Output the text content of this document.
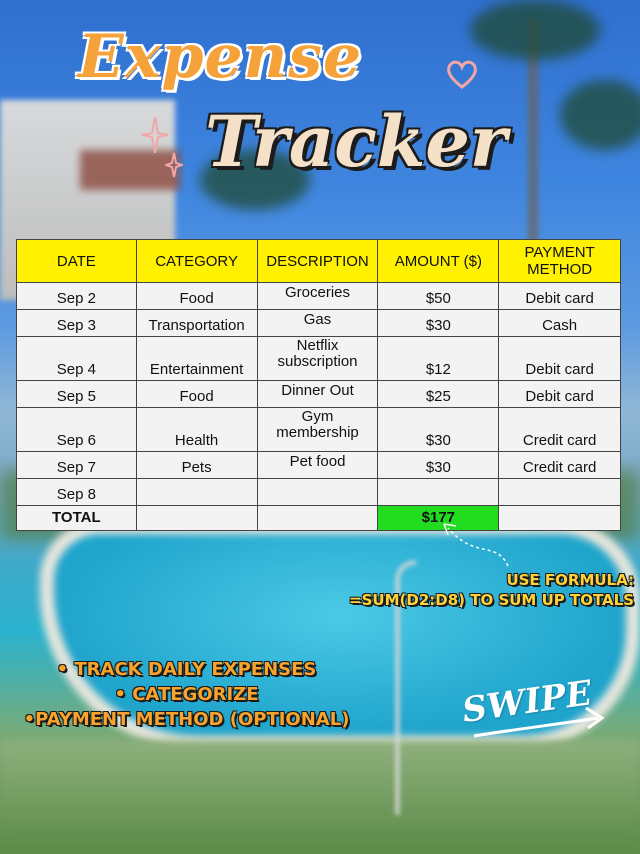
Expense
Tracker
DATE	CATEGORY	DESCRIPTION	AMOUNT ($)	PAYMENT METHOD
Sep 2	Food	Groceries	$50	Debit card
Sep 3	Transportation	Gas	$30	Cash
Sep 4	Entertainment	Netflix subscription	$12	Debit card
Sep 5	Food	Dinner Out	$25	Debit card
Sep 6	Health	Gym membership	$30	Credit card
Sep 7	Pets	Pet food	$30	Credit card
Sep 8				
TOTAL			$177	
USE FORMULA:
=SUM(D2:D8) TO SUM UP TOTALS
• TRACK DAILY EXPENSES
• CATEGORIZE
•PAYMENT METHOD (OPTIONAL)	SWIPE
